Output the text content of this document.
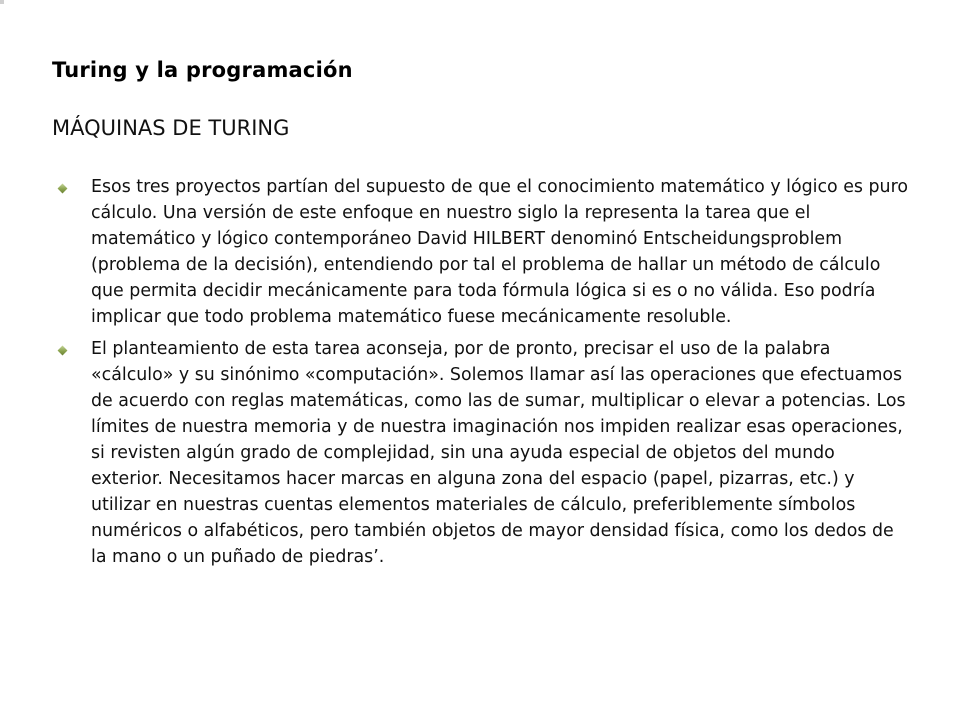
Turing y la programación
MÁQUINAS DE TURING
Esos tres proyectos partían del supuesto de que el conocimiento matemático y lógico es puro cálculo. Una versión de este enfoque en nuestro siglo la representa la tarea que el matemático y lógico contemporáneo David HILBERT denominó Entscheidungsproblem (problema de la decisión), entendiendo por tal el problema de hallar un método de cálculo que permita decidir mecánicamente para toda fórmula lógica si es o no válida. Eso podría implicar que todo problema matemático fuese mecánicamente resoluble.
El planteamiento de esta tarea aconseja, por de pronto, precisar el uso de la palabra «cálculo» y su sinónimo «computación». Solemos llamar así las operaciones que efectuamos de acuerdo con reglas matemáticas, como las de sumar, multiplicar o elevar a potencias. Los límites de nuestra memoria y de nuestra imaginación nos impiden realizar esas operaciones, si revisten algún grado de complejidad, sin una ayuda especial de objetos del mundo exterior. Necesitamos hacer marcas en alguna zona del espacio (papel, pizarras, etc.) y utilizar en nuestras cuentas elementos materiales de cálculo, preferiblemente símbolos numéricos o alfabéticos, pero también objetos de mayor densidad física, como los dedos de la mano o un puñado de piedras’.
